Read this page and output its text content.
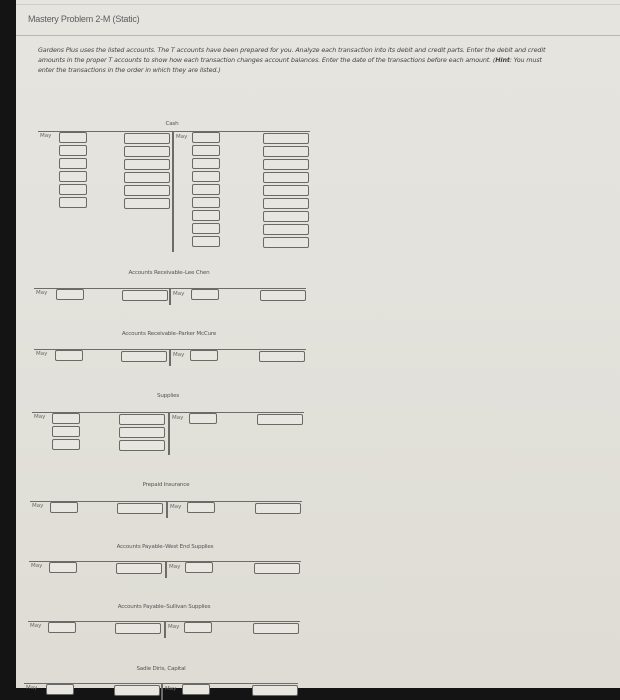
Mastery Problem 2-M (Static)
Gardens Plus uses the listed accounts. The T accounts have been prepared for you. Analyze each transaction into its debit and credit parts. Enter the debit and credit amounts in the proper T accounts to show how each transaction changes account balances. Enter the date of the transactions before each amount. (Hint: You must enter the transactions in the order in which they are listed.)
Cash
May	May
Accounts Receivable–Lee Chen
May	May
Accounts Receivable–Parker McCure
May	May
Supplies
May	May
Prepaid Insurance
May	May
Accounts Payable–West End Supplies
May	May
Accounts Payable–Sullivan Supplies
May	May
Sadie Diris, Capital
May	May
